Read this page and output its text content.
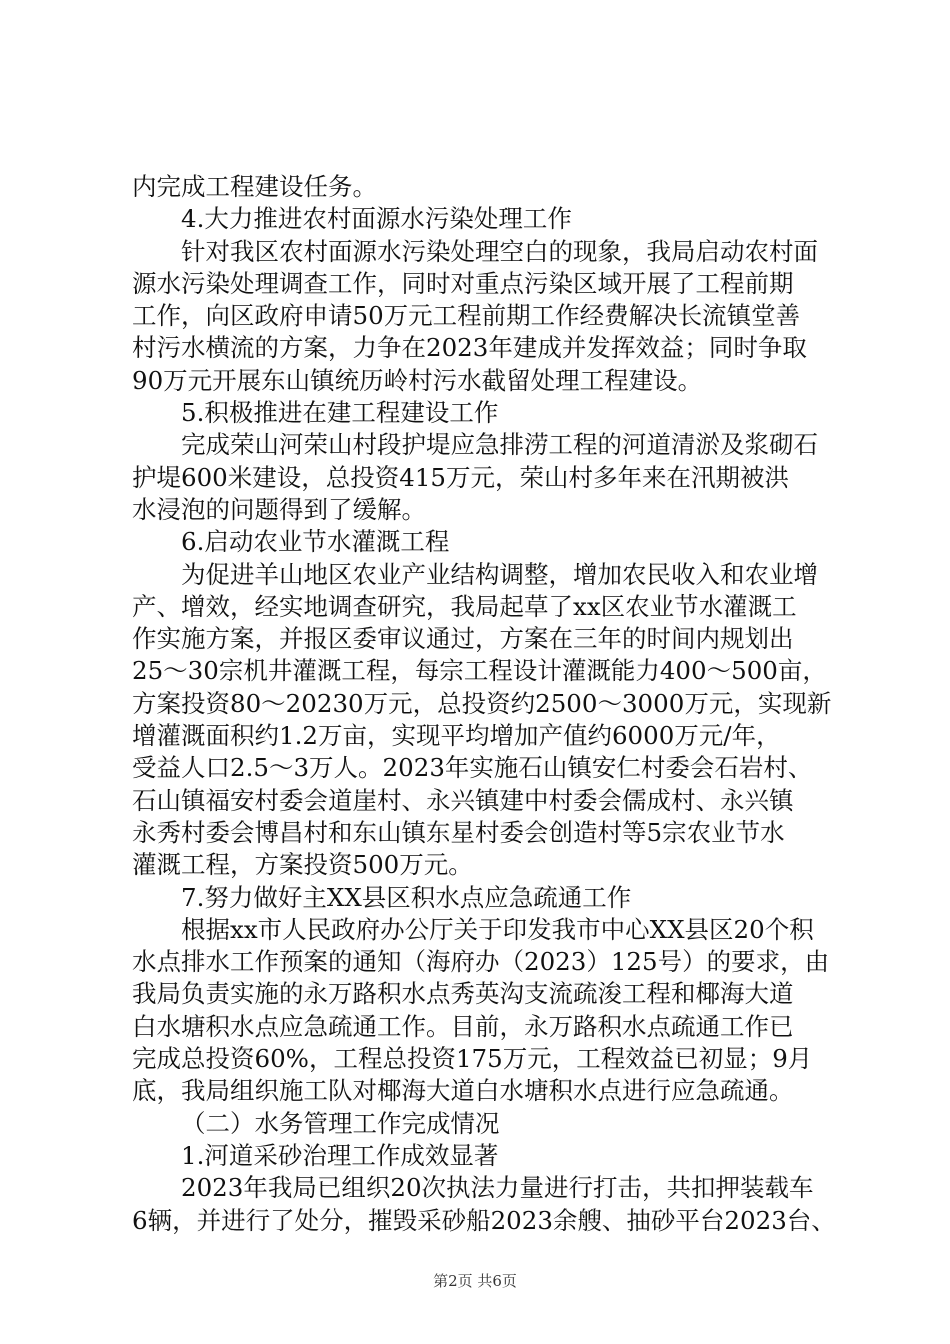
内完成工程建设任务。
4.大力推进农村面源水污染处理工作
针对我区农村面源水污染处理空白的现象，我局启动农村面
源水污染处理调查工作，同时对重点污染区域开展了工程前期
工作，向区政府申请50万元工程前期工作经费解决长流镇堂善
村污水横流的方案，力争在2023年建成并发挥效益；同时争取
90万元开展东山镇统历岭村污水截留处理工程建设。
5.积极推进在建工程建设工作
完成荣山河荣山村段护堤应急排涝工程的河道清淤及浆砌石
护堤600米建设，总投资415万元，荣山村多年来在汛期被洪
水浸泡的问题得到了缓解。
6.启动农业节水灌溉工程
为促进羊山地区农业产业结构调整，增加农民收入和农业增
产、增效，经实地调查研究，我局起草了xx区农业节水灌溉工
作实施方案，并报区委审议通过，方案在三年的时间内规划出
25～30宗机井灌溉工程，每宗工程设计灌溉能力400～500亩，
方案投资80～20230万元，总投资约2500～3000万元，实现新
增灌溉面积约1.2万亩，实现平均增加产值约6000万元/年，
受益人口2.5～3万人。2023年实施石山镇安仁村委会石岩村、
石山镇福安村委会道崖村、永兴镇建中村委会儒成村、永兴镇
永秀村委会博昌村和东山镇东星村委会创造村等5宗农业节水
灌溉工程，方案投资500万元。
7.努力做好主XX县区积水点应急疏通工作
根据xx市人民政府办公厅关于印发我市中心XX县区20个积
水点排水工作预案的通知（海府办（2023）125号）的要求，由
我局负责实施的永万路积水点秀英沟支流疏浚工程和椰海大道
白水塘积水点应急疏通工作。目前，永万路积水点疏通工作已
完成总投资60%，工程总投资175万元，工程效益已初显；9月
底，我局组织施工队对椰海大道白水塘积水点进行应急疏通。
（二）水务管理工作完成情况
1.河道采砂治理工作成效显著
2023年我局已组织20次执法力量进行打击，共扣押装载车
6辆，并进行了处分，摧毁采砂船2023余艘、抽砂平台2023台、
第2页 共6页
